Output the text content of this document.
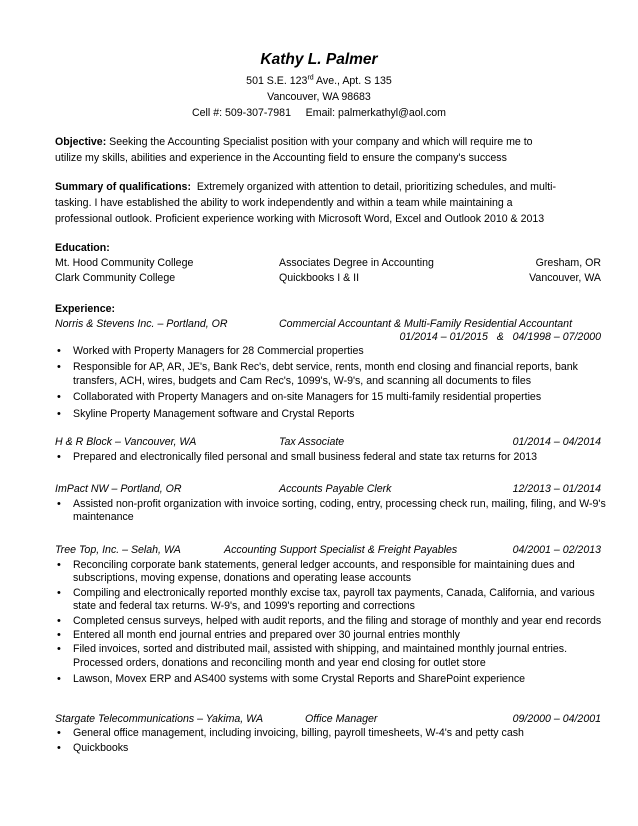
Kathy L. Palmer
501 S.E. 123rd Ave., Apt. S 135
Vancouver, WA 98683
Cell #: 509-307-7981     Email: palmerkathyl@aol.com
Objective: Seeking the Accounting Specialist position with your company and which will require me to
utilize my skills, abilities and experience in the Accounting field to ensure the company's success
Summary of qualifications:  Extremely organized with attention to detail, prioritizing schedules, and multi-
tasking. I have established the ability to work independently and within a team while maintaining a
professional outlook. Proficient experience working with Microsoft Word, Excel and Outlook 2010 & 2013
Education:
Mt. Hood Community College	Associates Degree in Accounting	Gresham, OR
Clark Community College	Quickbooks I & II	Vancouver, WA
Experience:
Norris & Stevens Inc. – Portland, OR	Commercial Accountant & Multi-Family Residential Accountant
01/2014 – 01/2015   &   04/1998 – 07/2000
• Worked with Property Managers for 28 Commercial properties
• Responsible for AP, AR, JE's, Bank Rec's, debt service, rents, month end closing and financial reports, bank transfers, ACH, wires, budgets and Cam Rec's, 1099's, W-9's, and scanning all documents to files
• Collaborated with Property Managers and on-site Managers for 15 multi-family residential properties
• Skyline Property Management software and Crystal Reports
H & R Block – Vancouver, WA	Tax Associate	01/2014 – 04/2014
• Prepared and electronically filed personal and small business federal and state tax returns for 2013
ImPact NW – Portland, OR	Accounts Payable Clerk	12/2013 – 01/2014
• Assisted non-profit organization with invoice sorting, coding, entry, processing check run, mailing, filing, and W-9's maintenance
Tree Top, Inc. – Selah, WA	Accounting Support Specialist & Freight Payables	04/2001 – 02/2013
• Reconciling corporate bank statements, general ledger accounts, and responsible for maintaining dues and subscriptions, moving expense, donations and operating lease accounts
• Compiling and electronically reported monthly excise tax, payroll tax payments, Canada, California, and various state and federal tax returns. W-9's, and 1099's reporting and corrections
• Completed census surveys, helped with audit reports, and the filing and storage of monthly and year end records
• Entered all month end journal entries and prepared over 30 journal entries monthly
• Filed invoices, sorted and distributed mail, assisted with shipping, and maintained monthly journal entries. Processed orders, donations and reconciling month and year end closing for outlet store
• Lawson, Movex ERP and AS400 systems with some Crystal Reports and SharePoint experience
Stargate Telecommunications – Yakima, WA	Office Manager	09/2000 – 04/2001
• General office management, including invoicing, billing, payroll timesheets, W-4's and petty cash
• Quickbooks
